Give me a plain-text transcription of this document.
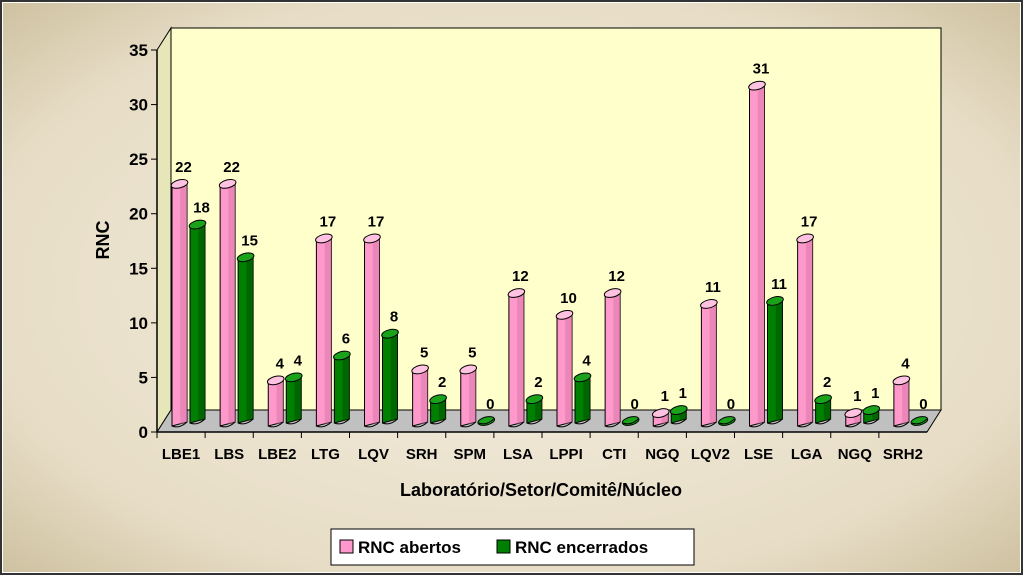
0
5
10
15
20
25
30
35
LBE1
22
18
LBS
22
15
LBE2
4 4
LTG
17
6
LQV
17
8
SRH
5
2
SPM
5
0
LSA
12
2
LPPI
10
4
CTI
12
0
NGQ
1 1
LQV2
11
0
LSE
31
11
LGA
17
2
NGQ
1 1
SRH2
4
0
RNC
Laboratório/Setor/Comitê/Núcleo
RNC abertos	RNC encerrados
